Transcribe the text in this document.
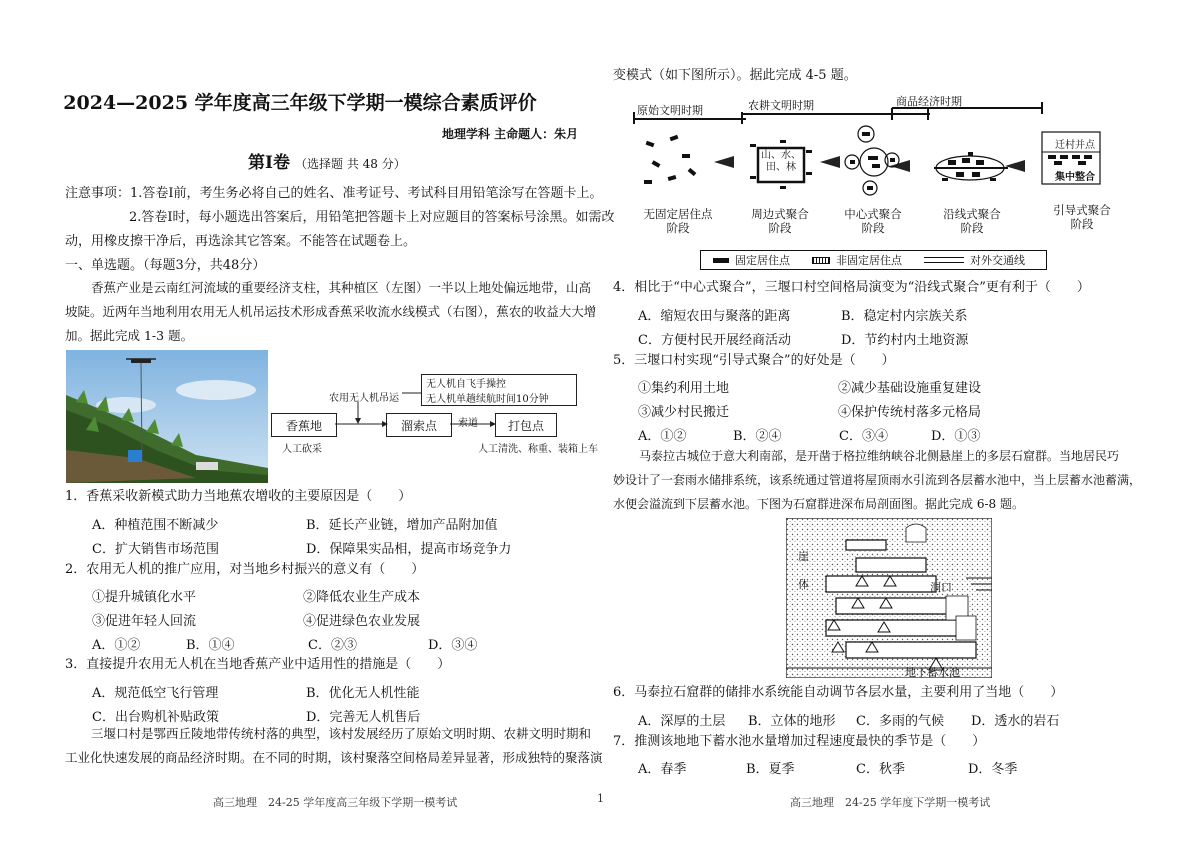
2024—2025 学年度高三年级下学期一模综合素质评价
地理学科 主命题人：朱月
第Ⅰ卷 （选择题 共 48 分）
注意事项：1.答卷Ⅰ前，考生务必将自己的姓名、准考证号、考试科目用铅笔涂写在答题卡上。
2.答卷Ⅰ时，每小题选出答案后，用铅笔把答题卡上对应题目的答案标号涂黑。如需改
动，用橡皮擦干净后，再选涂其它答案。不能答在试题卷上。
一、单选题。（每题3分，共48分）
香蕉产业是云南红河流域的重要经济支柱，其种植区（左图）一半以上地处偏远地带，山高
坡陡。近两年当地利用农用无人机吊运技术形成香蕉采收流水线模式（右图），蕉农的收益大大增
加。据此完成 1-3 题。
香蕉地	溜索点	打包点
无人机自飞手操控
无人机单趟续航时间10分钟
农用无人机吊运
索道
人工砍采	人工清洗、称重、装箱上车
1．香蕉采收新模式助力当地蕉农增收的主要原因是（　　）
A．种植范围不断减少	B．延长产业链，增加产品附加值
C．扩大销售市场范围	D．保障果实品相，提高市场竞争力
2．农用无人机的推广应用，对当地乡村振兴的意义有（　　）
①提升城镇化水平	②降低农业生产成本
③促进年轻人回流	④促进绿色农业发展
A．①②	B．①④	C．②③	D．③④
3．直接提升农用无人机在当地香蕉产业中适用性的措施是（　　）
A．规范低空飞行管理	B．优化无人机性能
C．出台购机补贴政策	D．完善无人机售后
三堰口村是鄂西丘陵地带传统村落的典型，该村发展经历了原始文明时期、农耕文明时期和
工业化快速发展的商品经济时期。在不同的时期，该村聚落空间格局差异显著，形成独特的聚落演
高三地理　24-25 学年度高三年级下学期一模考试	1
变模式（如下图所示）。据此完成 4-5 题。
原始文明时期	农耕文明时期	商品经济时期
山、水、
田、林
迁村并点
集中整合
无固定居住点
阶段
周边式聚合
阶段
中心式聚合
阶段
沿线式聚合
阶段
引导式聚合
阶段
固定居住点	非固定居住点	对外交通线
4．相比于“中心式聚合”，三堰口村空间格局演变为“沿线式聚合”更有利于（　　）
A．缩短农田与聚落的距离	B．稳定村内宗族关系
C．方便村民开展经商活动	D．节约村内土地资源
5．三堰口村实现“引导式聚合”的好处是（　　）
①集约利用土地	②减少基础设施重复建设
③减少村民搬迁	④保护传统村落多元格局
A．①②	B．②④	C．③④	D．①③
马泰拉古城位于意大利南部，是开凿于格拉维纳峡谷北侧悬崖上的多层石窟群。当地居民巧
妙设计了一套雨水储排系统，该系统通过管道将屋顶雨水引流到各层蓄水池中，当上层蓄水池蓄满，
水便会溢流到下层蓄水池。下图为石窟群进深布局剖面图。据此完成 6-8 题。
崖
体	洞口
地下蓄水池
6．马泰拉石窟群的储排水系统能自动调节各层水量，主要利用了当地（　　）
A．深厚的土层 B．立体的地形 C．多雨的气候 D．透水的岩石
7．推测该地地下蓄水池水量增加过程速度最快的季节是（　　）
A．春季	B．夏季	C．秋季	D．冬季
高三地理　24-25 学年度下学期一模考试
